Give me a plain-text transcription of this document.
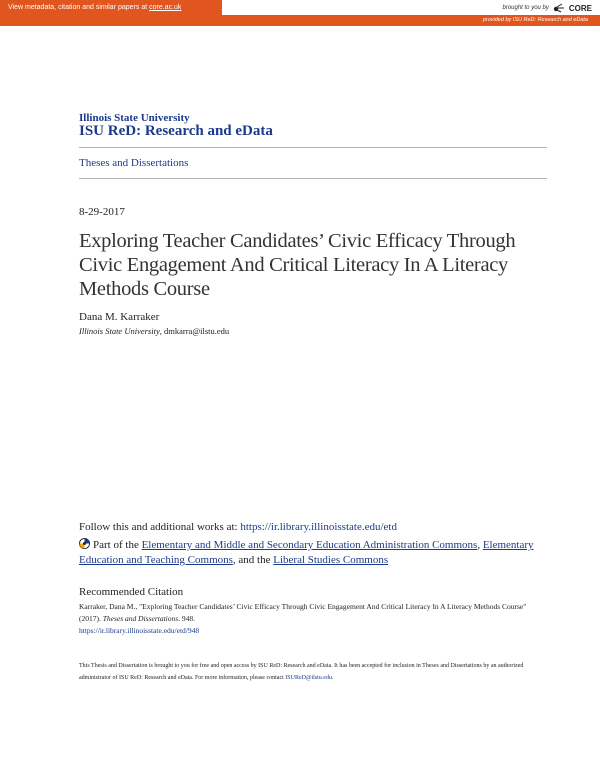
View metadata, citation and similar papers at core.ac.uk	brought to you by	CORE
provided by ISU ReD: Research and eData
Illinois State University
ISU ReD: Research and eData
Theses and Dissertations
8-29-2017
Exploring Teacher Candidates’ Civic Efficacy Through Civic Engagement And Critical Literacy In A Literacy Methods Course
Dana M. Karraker
Illinois State University, dmkarra@ilstu.edu
Follow this and additional works at: https://ir.library.illinoisstate.edu/etd
Part of the Elementary and Middle and Secondary Education Administration Commons, Elementary Education and Teaching Commons, and the Liberal Studies Commons
Recommended Citation
Karraker, Dana M., "Exploring Teacher Candidates’ Civic Efficacy Through Civic Engagement And Critical Literacy In A Literacy Methods Course" (2017). Theses and Dissertations. 948.
https://ir.library.illinoisstate.edu/etd/948
This Thesis and Dissertation is brought to you for free and open access by ISU ReD: Research and eData. It has been accepted for inclusion in Theses and Dissertations by an authorized administrator of ISU ReD: Research and eData. For more information, please contact ISUReD@ilstu.edu.
